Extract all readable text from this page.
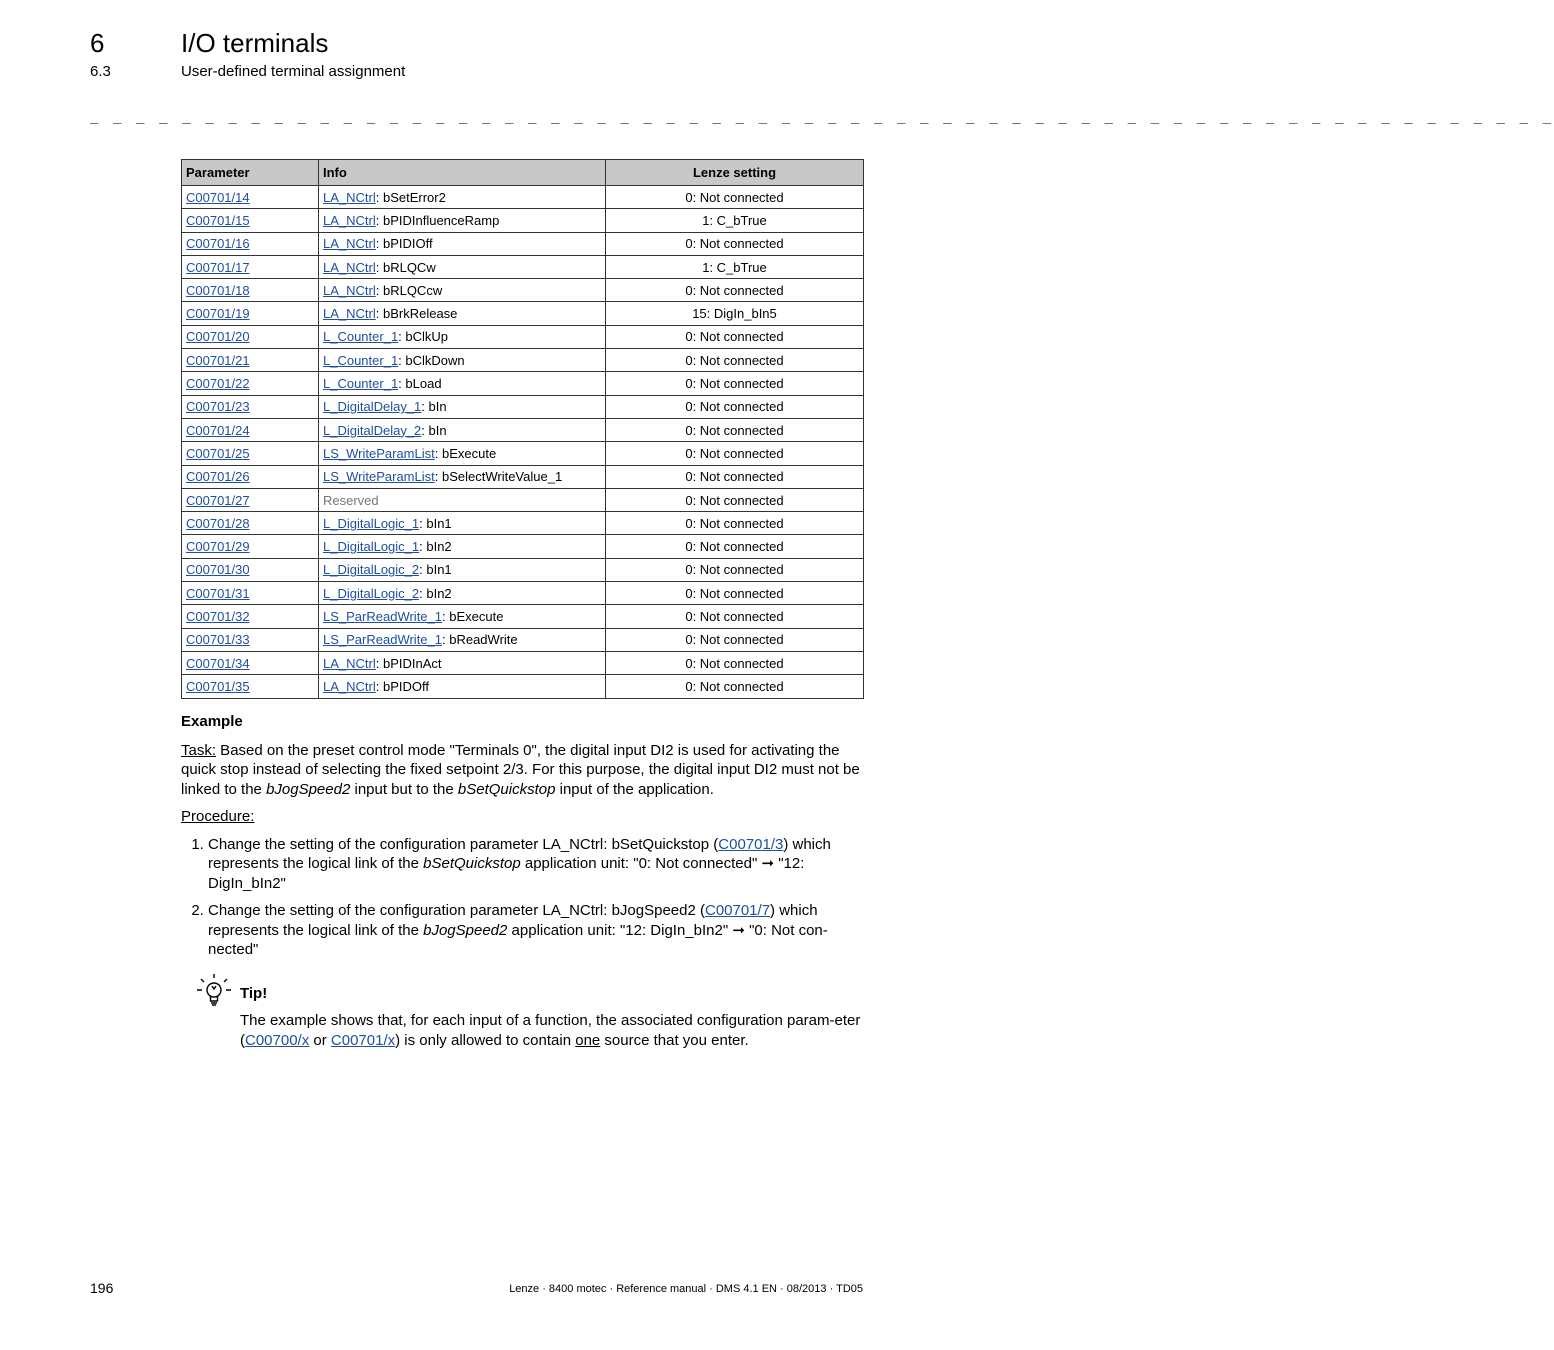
6	I/O terminals
6.3	User-defined terminal assignment
_ _ _ _ _ _ _ _ _ _ _ _ _ _ _ _ _ _ _ _ _ _ _ _ _ _ _ _ _ _ _ _ _ _ _ _ _ _ _ _ _ _ _ _ _ _ _ _ _ _ _ _ _ _ _ _ _ _ _ _ _ _ _ _
Parameter	Info	Lenze setting
C00701/14	LA_NCtrl: bSetError2	0: Not connected
C00701/15	LA_NCtrl: bPIDInfluenceRamp	1: C_bTrue
C00701/16	LA_NCtrl: bPIDIOff	0: Not connected
C00701/17	LA_NCtrl: bRLQCw	1: C_bTrue
C00701/18	LA_NCtrl: bRLQCcw	0: Not connected
C00701/19	LA_NCtrl: bBrkRelease	15: DigIn_bIn5
C00701/20	L_Counter_1: bClkUp	0: Not connected
C00701/21	L_Counter_1: bClkDown	0: Not connected
C00701/22	L_Counter_1: bLoad	0: Not connected
C00701/23	L_DigitalDelay_1: bIn	0: Not connected
C00701/24	L_DigitalDelay_2: bIn	0: Not connected
C00701/25	LS_WriteParamList: bExecute	0: Not connected
C00701/26	LS_WriteParamList: bSelectWriteValue_1	0: Not connected
C00701/27	Reserved	0: Not connected
C00701/28	L_DigitalLogic_1: bIn1	0: Not connected
C00701/29	L_DigitalLogic_1: bIn2	0: Not connected
C00701/30	L_DigitalLogic_2: bIn1	0: Not connected
C00701/31	L_DigitalLogic_2: bIn2	0: Not connected
C00701/32	LS_ParReadWrite_1: bExecute	0: Not connected
C00701/33	LS_ParReadWrite_1: bReadWrite	0: Not connected
C00701/34	LA_NCtrl: bPIDInAct	0: Not connected
C00701/35	LA_NCtrl: bPIDOff	0: Not connected

Example

Task: Based on the preset control mode "Terminals 0", the digital input DI2 is used for activating the quick stop instead of selecting the fixed setpoint 2/3. For this purpose, the digital input DI2 must not be linked to the bJogSpeed2 input but to the bSetQuickstop input of the application.

Procedure:

1. Change the setting of the configuration parameter LA_NCtrl: bSetQuickstop (C00701/3) which represents the logical link of the bSetQuickstop application unit: "0: Not connected" ➞ "12: DigIn_bIn2"
2. Change the setting of the configuration parameter LA_NCtrl: bJogSpeed2 (C00701/7) which represents the logical link of the bJogSpeed2 application unit: "12: DigIn_bIn2" ➞ "0: Not con-nected"
Tip!
The example shows that, for each input of a function, the associated configuration param-eter (C00700/x or C00701/x) is only allowed to contain one source that you enter.
196	Lenze · 8400 motec · Reference manual · DMS 4.1 EN · 08/2013 · TD05
